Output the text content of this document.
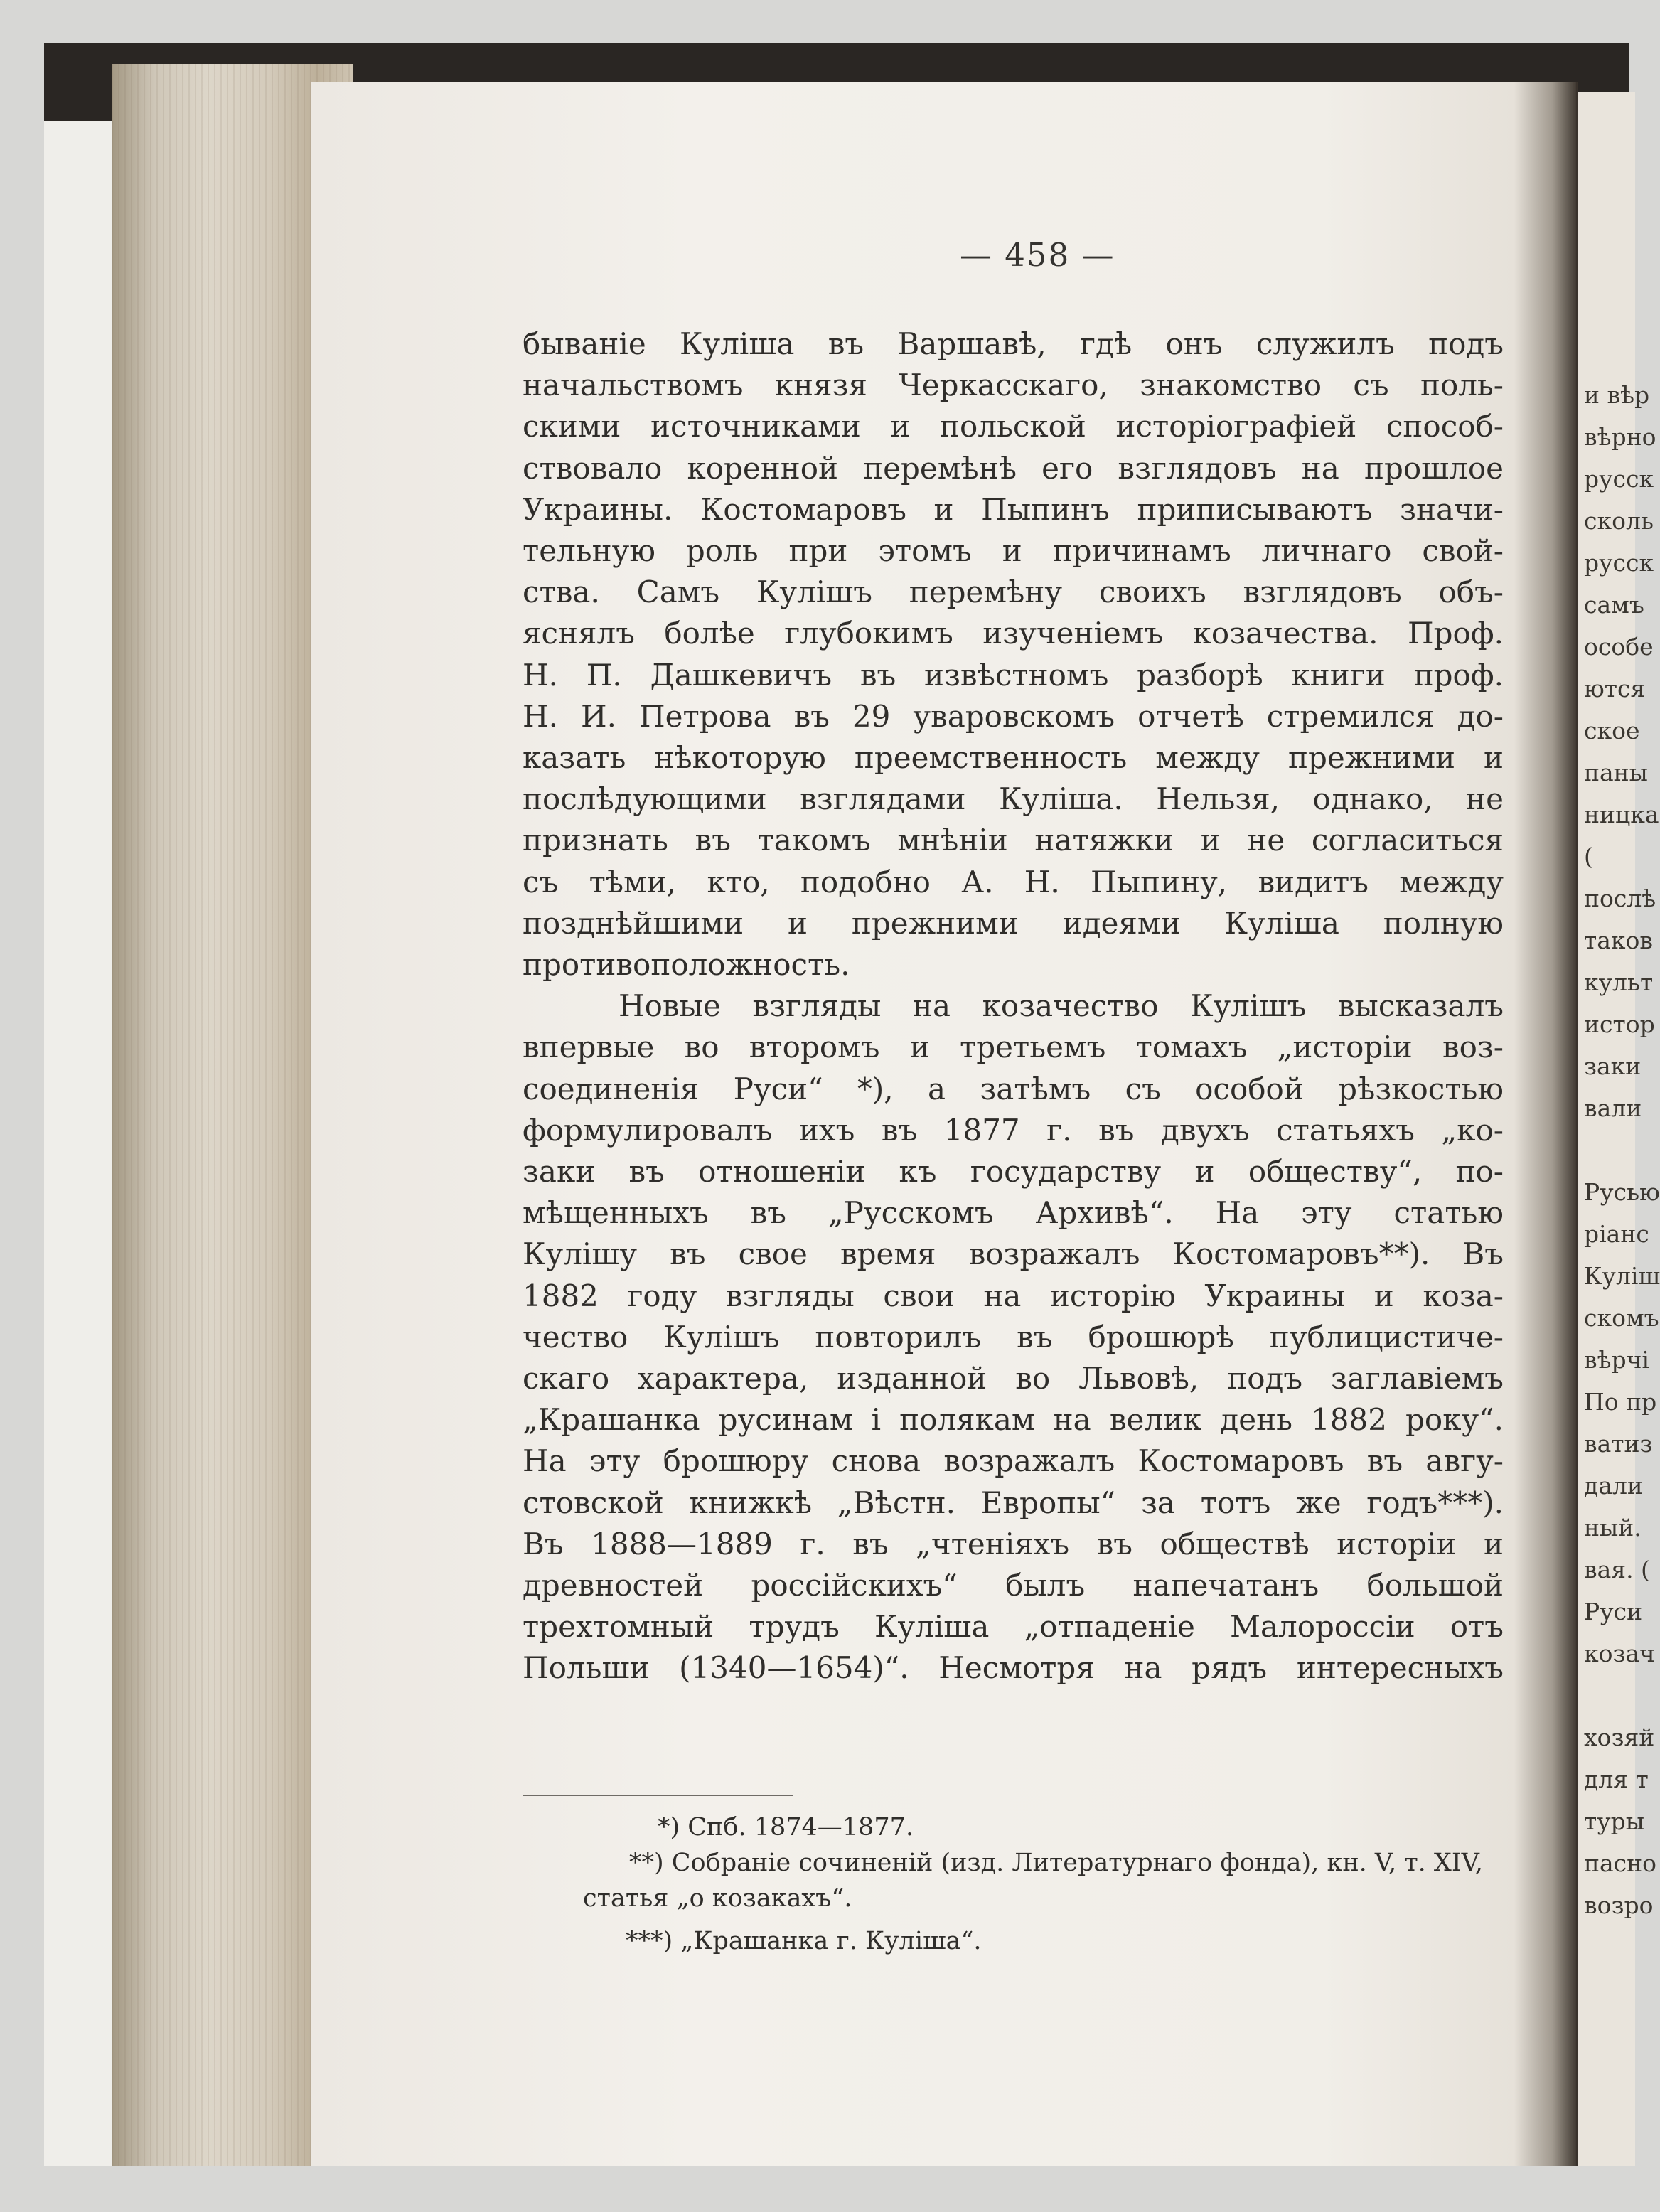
и вѣр
вѣрно
русск
сколь
русск
самъ
особе
ются
ское
паны
ницка
(
послѣ
таков
культ
истор
заки
вали
Русью
ріанс
Кулiш
скомъ
вѣрчі
По пр
ватиз
дали
ный.
вая. (
Руси
козач
хозяй
для т
туры
пасно
возро
— 458 —
бываніе Кулiша въ Варшавѣ, гдѣ онъ служилъ подъ
начальствомъ князя Черкасскаго, знакомство съ поль-
скими источниками и польской исторіографіей способ-
ствовало коренной перемѣнѣ его взглядовъ на прошлое
Украины. Костомаровъ и Пыпинъ приписываютъ значи-
тельную роль при этомъ и причинамъ личнаго свой-
ства. Самъ Кулiшъ перемѣну своихъ взглядовъ объ-
яснялъ болѣе глубокимъ изученіемъ козачества. Проф.
Н. П. Дашкевичъ въ извѣстномъ разборѣ книги проф.
Н. И. Петрова въ 29 уваровскомъ отчетѣ стремился до-
казать нѣкоторую преемственность между прежними и
послѣдующими взглядами Кулiша. Нельзя, однако, не
признать въ такомъ мнѣніи натяжки и не согласиться
съ тѣми, кто, подобно А. Н. Пыпину, видитъ между
позднѣйшими и прежними идеями Кулiша полную
противоположность.
Новые взгляды на козачество Кулiшъ высказалъ
впервые во второмъ и третьемъ томахъ „исторіи воз-
соединенія Руси“ *), а затѣмъ съ особой рѣзкостью
формулировалъ ихъ въ 1877 г. въ двухъ статьяхъ „ко-
заки въ отношеніи къ государству и обществу“, по-
мѣщенныхъ въ „Русскомъ Архивѣ“. На эту статью
Кулiшу въ свое время возражалъ Костомаровъ**). Въ
1882 году взгляды свои на исторію Украины и коза-
чество Кулiшъ повторилъ въ брошюрѣ публицистиче-
скаго характера, изданной во Львовѣ, подъ заглавіемъ
„Крашанка русинам i полякам на велик день 1882 року“.
На эту брошюру снова возражалъ Костомаровъ въ авгу-
стовской книжкѣ „Вѣстн. Европы“ за тотъ же годъ***).
Въ 1888—1889 г. въ „чтеніяхъ въ обществѣ исторіи и
древностей россійскихъ“ былъ напечатанъ большой
трехтомный трудъ Кулiша „отпаденіе Малороссіи отъ
Польши (1340—1654)“. Несмотря на рядъ интересныхъ
*) Спб. 1874—1877.
**) Собраніе сочиненій (изд. Литературнаго фонда), кн. V, т. XIV,
статья „о козакахъ“.
***) „Крашанка г. Кулiша“.
